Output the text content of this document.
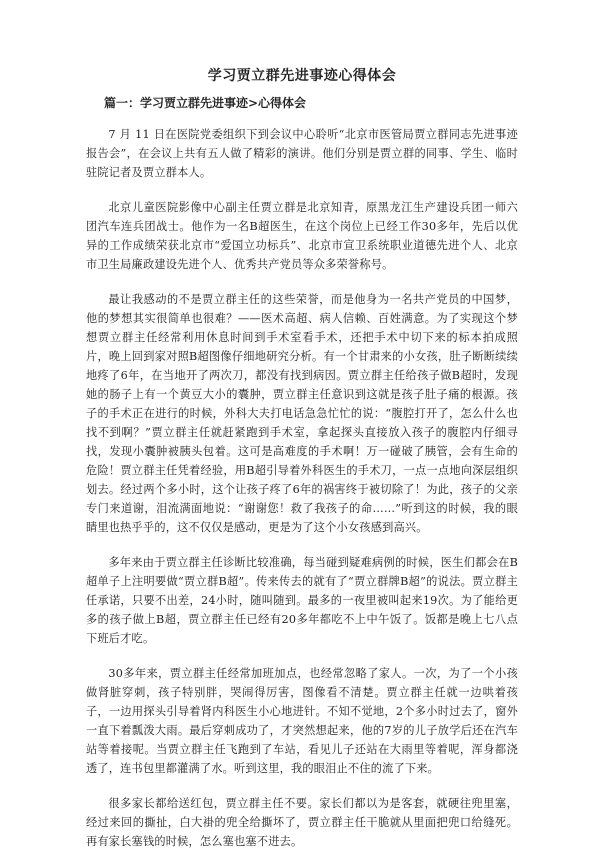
学习贾立群先进事迹心得体会
篇一：学习贾立群先进事迹>心得体会

7 月 11 日在医院党委组织下到会议中心聆听“北京市医管局贾立群同志先进事迹报告会”，在会议上共有五人做了精彩的演讲。他们分别是贾立群的同事、学生、临时驻院记者及贾立群本人。

北京儿童医院影像中心副主任贾立群是北京知青，原黑龙江生产建设兵团一师六团汽车连兵团战士。他作为一名B超医生，在这个岗位上已经工作30多年，先后以优异的工作成绩荣获北京市“爱国立功标兵”、北京市宣卫系统职业道德先进个人、北京市卫生局廉政建设先进个人、优秀共产党员等众多荣誉称号。

最让我感动的不是贾立群主任的这些荣誉，而是他身为一名共产党员的中国梦，他的梦想其实很简单也很难？——医术高超、病人信赖、百姓满意。为了实现这个梦想贾立群主任经常利用休息时间到手术室看手术，还把手术中切下来的标本拍成照片，晚上回到家对照B超图像仔细地研究分析。有一个甘肃来的小女孩，肚子断断续续地疼了6年，在当地开了两次刀，都没有找到病因。贾立群主任给孩子做B超时，发现她的肠子上有一个黄豆大小的囊肿，贾立群主任意识到这就是孩子肚子痛的根源。孩子的手术正在进行的时候，外科大夫打电话急急忙忙的说：“腹腔打开了，怎么什么也找不到啊？”贾立群主任就赶紧跑到手术室，拿起探头直接放入孩子的腹腔内仔细寻找，发现小囊肿被胰头包着。这可是高难度的手术啊！万一碰破了胰管，会有生命的危险！贾立群主任凭着经验，用B超引导着外科医生的手术刀，一点一点地向深层组织划去。经过两个多小时，这个让孩子疼了6年的祸害终于被切除了！为此，孩子的父亲专门来道谢，泪流满面地说：“谢谢您！救了我孩子的命……”听到这的时候，我的眼睛里也热乎乎的，这不仅仅是感动，更是为了这个小女孩感到高兴。

多年来由于贾立群主任诊断比较准确，每当碰到疑难病例的时候，医生们都会在B超单子上注明要做“贾立群B超”。传来传去的就有了“贾立群牌B超”的说法。贾立群主任承诺，只要不出差，24小时，随叫随到。最多的一夜里被叫起来19次。为了能给更多的孩子做上B超，贾立群主任已经有20多年都吃不上中午饭了。饭都是晚上七八点下班后才吃。

30多年来，贾立群主任经常加班加点，也经常忽略了家人。一次，为了一个小孩做肾脏穿刺，孩子特别胖，哭闹得厉害，图像看不清楚。贾立群主任就一边哄着孩子，一边用探头引导着肾内科医生小心地进针。不知不觉地，2个多小时过去了，窗外一直下着瓢泼大雨。最后穿刺成功了，才突然想起来，他的7岁的儿子放学后还在汽车站等着接呢。当贾立群主任飞跑到了车站，看见儿子还站在大雨里等着呢，浑身都浇透了，连书包里都灌满了水。听到这里，我的眼泪止不住的流了下来。

很多家长都给送红包，贾立群主任不要。家长们都以为是客套，就硬往兜里塞，经过来回的撕扯，白大褂的兜全给撕坏了，贾立群主任干脆就从里面把兜口给缝死。再有家长塞钱的时候，怎么塞也塞不进去。
